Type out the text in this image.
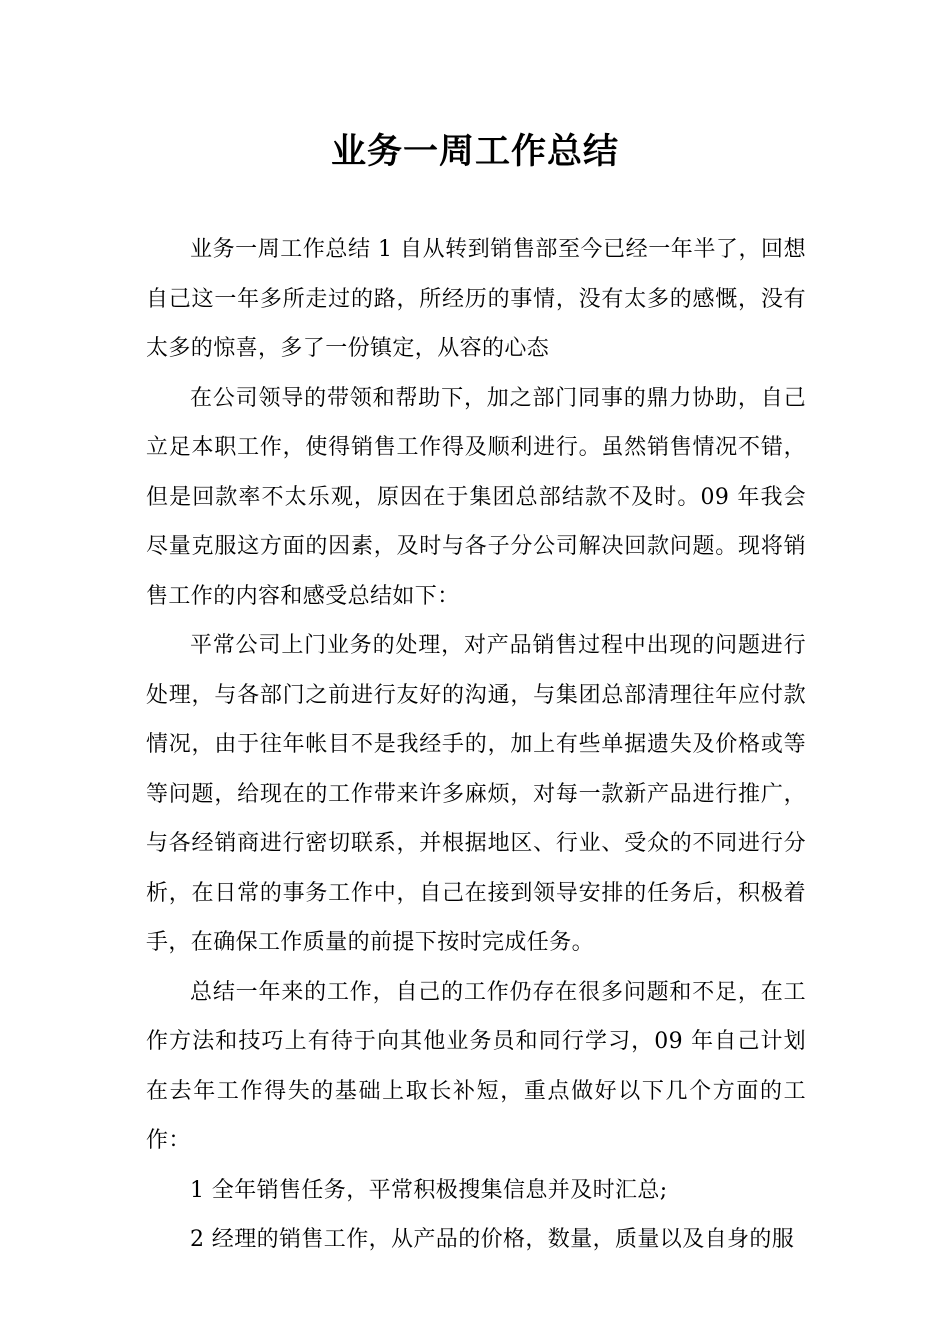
业务一周工作总结

业务一周工作总结 1 自从转到销售部至今已经一年半了，回想自己这一年多所走过的路，所经历的事情，没有太多的感慨，没有太多的惊喜，多了一份镇定，从容的心态

在公司领导的带领和帮助下，加之部门同事的鼎力协助，自己立足本职工作，使得销售工作得及顺利进行。虽然销售情况不错，但是回款率不太乐观，原因在于集团总部结款不及时。09 年我会尽量克服这方面的因素，及时与各子分公司解决回款问题。现将销售工作的内容和感受总结如下：

平常公司上门业务的处理，对产品销售过程中出现的问题进行处理，与各部门之前进行友好的沟通，与集团总部清理往年应付款情况，由于往年帐目不是我经手的，加上有些单据遗失及价格或等等问题，给现在的工作带来许多麻烦，对每一款新产品进行推广，与各经销商进行密切联系，并根据地区、行业、受众的不同进行分析，在日常的事务工作中，自己在接到领导安排的任务后，积极着手，在确保工作质量的前提下按时完成任务。

总结一年来的工作，自己的工作仍存在很多问题和不足，在工作方法和技巧上有待于向其他业务员和同行学习，09 年自己计划在去年工作得失的基础上取长补短，重点做好以下几个方面的工作：

1 全年销售任务，平常积极搜集信息并及时汇总;

2 经理的销售工作，从产品的价格，数量，质量以及自身的服
